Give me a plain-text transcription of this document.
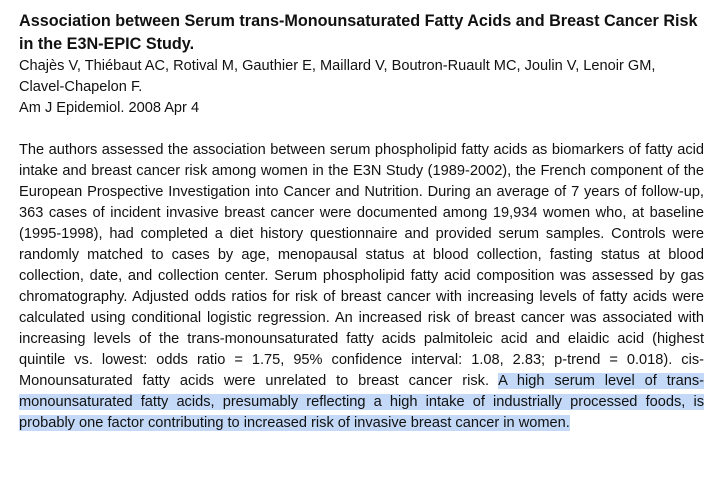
Association between Serum trans-Monounsaturated Fatty Acids and Breast Cancer Risk in the E3N-EPIC Study.
Chajès V, Thiébaut AC, Rotival M, Gauthier E, Maillard V, Boutron-Ruault MC, Joulin V, Lenoir GM, Clavel-Chapelon F.
Am J Epidemiol. 2008 Apr 4

The authors assessed the association between serum phospholipid fatty acids as biomarkers of fatty acid intake and breast cancer risk among women in the E3N Study (1989-2002), the French component of the European Prospective Investigation into Cancer and Nutrition. During an average of 7 years of follow-up, 363 cases of incident invasive breast cancer were documented among 19,934 women who, at baseline (1995-1998), had completed a diet history questionnaire and provided serum samples. Controls were randomly matched to cases by age, menopausal status at blood collection, fasting status at blood collection, date, and collection center. Serum phospholipid fatty acid composition was assessed by gas chromatography. Adjusted odds ratios for risk of breast cancer with increasing levels of fatty acids were calculated using conditional logistic regression. An increased risk of breast cancer was associated with increasing levels of the trans-monounsaturated fatty acids palmitoleic acid and elaidic acid (highest quintile vs. lowest: odds ratio = 1.75, 95% confidence interval: 1.08, 2.83; p-trend = 0.018). cis-Monounsaturated fatty acids were unrelated to breast cancer risk. A high serum level of trans-monounsaturated fatty acids, presumably reflecting a high intake of industrially processed foods, is probably one factor contributing to increased risk of invasive breast cancer in women.
